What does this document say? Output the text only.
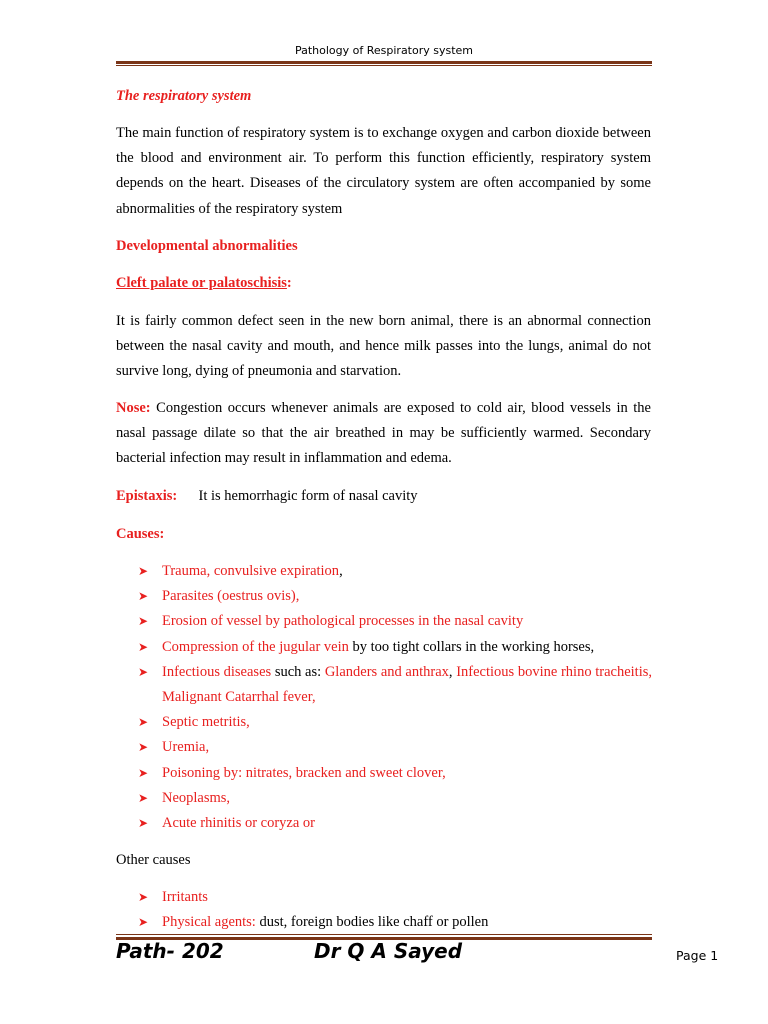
Pathology of Respiratory system
The respiratory system
The main function of respiratory system is to exchange oxygen and carbon dioxide between the blood and environment air. To perform this function efficiently, respiratory system depends on the heart. Diseases of the circulatory system are often accompanied by some abnormalities of the respiratory system
Developmental abnormalities
Cleft palate or palatoschisis:
It is fairly common defect seen in the new born animal, there is an abnormal connection between the nasal cavity and mouth, and hence milk passes into the lungs, animal do not survive long, dying of pneumonia and starvation.
Nose: Congestion occurs whenever animals are exposed to cold air, blood vessels in the nasal passage dilate so that the air breathed in may be sufficiently warmed. Secondary bacterial infection may result in inflammation and edema.
Epistaxis: It is hemorrhagic form of nasal cavity
Causes:
➤ Trauma, convulsive expiration,
➤ Parasites (oestrus ovis),
➤ Erosion of vessel by pathological processes in the nasal cavity
➤ Compression of the jugular vein by too tight collars in the working horses,
➤ Infectious diseases such as: Glanders and anthrax, Infectious bovine rhino tracheitis, Malignant Catarrhal fever,
➤ Septic metritis,
➤ Uremia,
➤ Poisoning by: nitrates, bracken and sweet clover,
➤ Neoplasms,
➤ Acute rhinitis or coryza or
Other causes
➤ Irritants
➤ Physical agents: dust, foreign bodies like chaff or pollen
Path- 202	Dr Q A Sayed	Page 1
